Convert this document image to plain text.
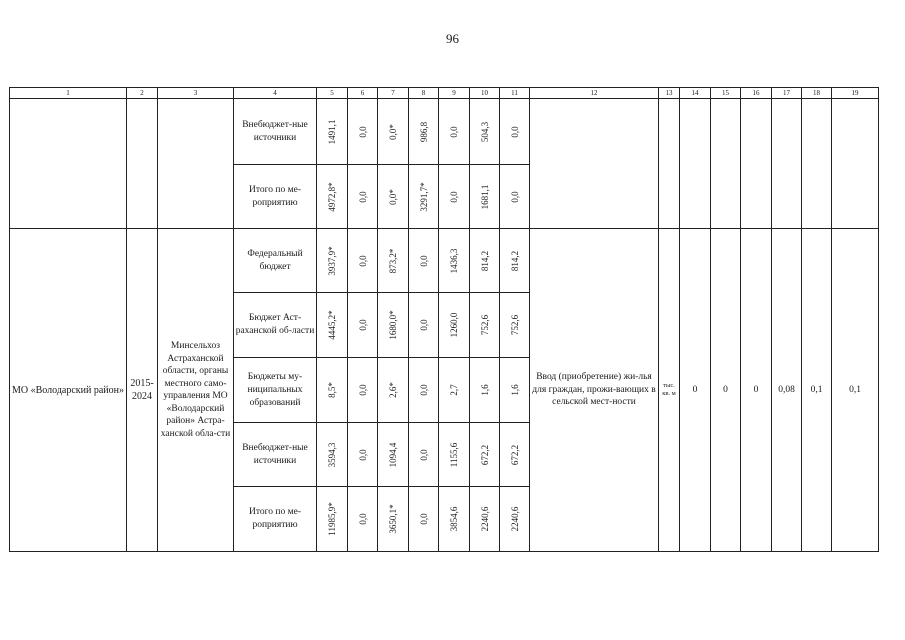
96
1	2	3	4	5	6	7	8	9	10	11	12	13	14	15	16	17	18	19
			Внебюджет-ные источники	1491,1	0,0	0,0*	986,8	0,0	504,3	0,0								

			Итого по ме-роприятию	4972,8*	0,0	0,0*	3291,7*	0,0	1681,1	0,0								

МО «Володарский район»	2015-2024	Минсельхоз Астраханской области, органы местного само-управления МО «Володарский район» Астра-ханской обла-сти	Федеральный бюджет	3937,9*	0,0	873,2*	0,0	1436,3	814,2	814,2	Ввод (приобретение) жи-лья для граждан, прожи-вающих в сельской мест-ности	тыс. кв. м	0	0	0	0,08	0,1	0,1
			Бюджет Аст-раханской об-ласти	4445,2*	0,0	1680,0*	0,0	1260,0	752,6	752,6								

			Бюджеты му-ниципальных образований	8,5*	0,0	2,6*	0,0	2,7	1,6	1,6								

			Внебюджет-ные источники	3594,3	0,0	1094,4	0,0	1155,6	672,2	672,2								

			Итого по ме-роприятию	11985,9*	0,0	3650,1*	0,0	3854,6	2240,6	2240,6								
